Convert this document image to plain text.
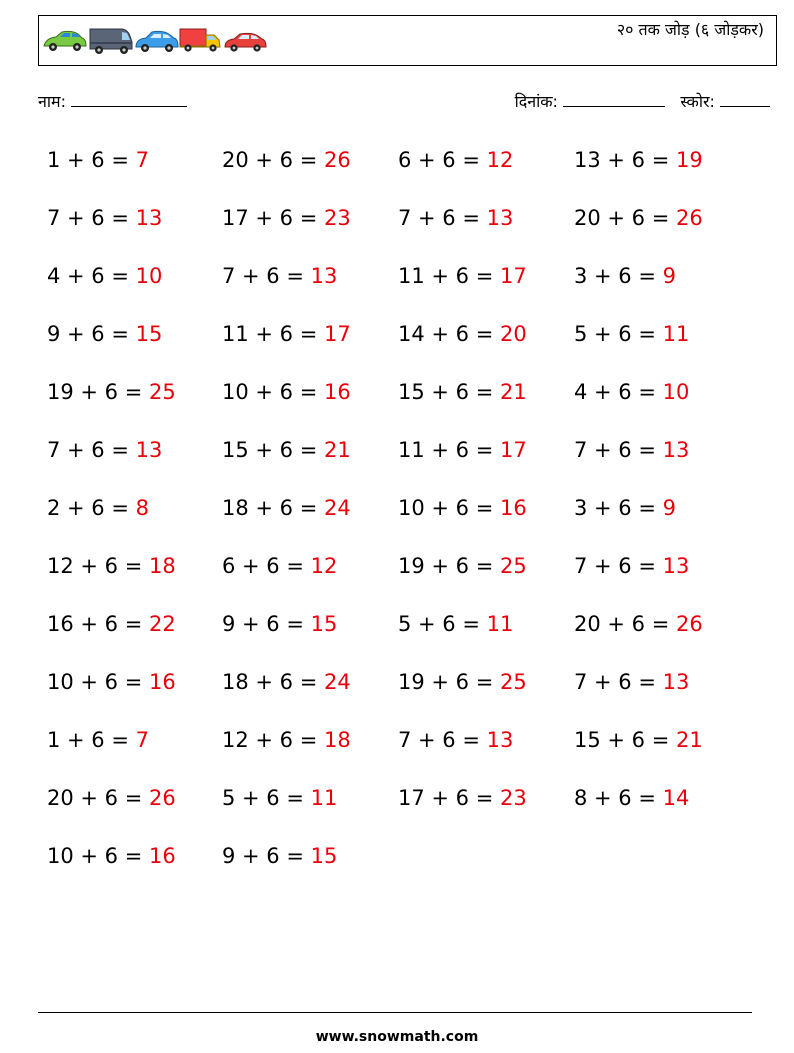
२० तक जोड़ (६ जोड़कर)
नाम:	दिनांक:	स्कोर:
1 + 6 = 7
7 + 6 = 13
4 + 6 = 10
9 + 6 = 15
19 + 6 = 25
7 + 6 = 13
2 + 6 = 8
12 + 6 = 18
16 + 6 = 22
10 + 6 = 16
1 + 6 = 7
20 + 6 = 26
10 + 6 = 16
20 + 6 = 26
17 + 6 = 23
7 + 6 = 13
11 + 6 = 17
10 + 6 = 16
15 + 6 = 21
18 + 6 = 24
6 + 6 = 12
9 + 6 = 15
18 + 6 = 24
12 + 6 = 18
5 + 6 = 11
9 + 6 = 15
6 + 6 = 12
7 + 6 = 13
11 + 6 = 17
14 + 6 = 20
15 + 6 = 21
11 + 6 = 17
10 + 6 = 16
19 + 6 = 25
5 + 6 = 11
19 + 6 = 25
7 + 6 = 13
17 + 6 = 23
13 + 6 = 19
20 + 6 = 26
3 + 6 = 9
5 + 6 = 11
4 + 6 = 10
7 + 6 = 13
3 + 6 = 9
7 + 6 = 13
20 + 6 = 26
7 + 6 = 13
15 + 6 = 21
8 + 6 = 14
www.snowmath.com
